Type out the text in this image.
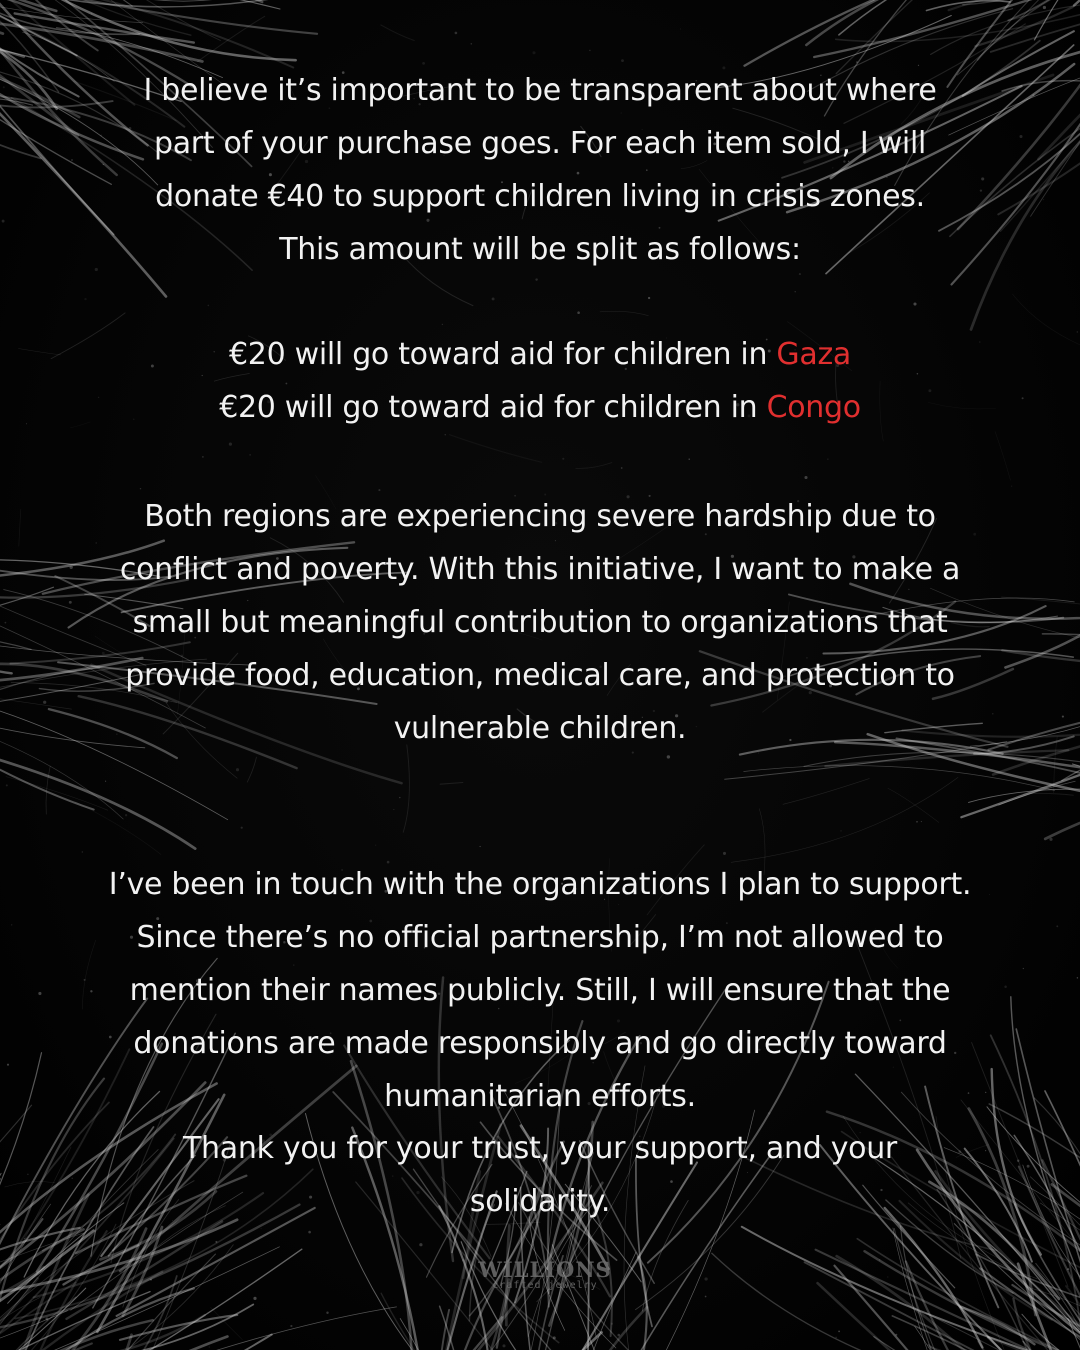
I believe it’s important to be transparent about where
part of your purchase goes. For each item sold, I will
donate €40 to support children living in crisis zones.
This amount will be split as follows:

€20 will go toward aid for children in Gaza
€20 will go toward aid for children in Congo

Both regions are experiencing severe hardship due to
conflict and poverty. With this initiative, I want to make a
small but meaningful contribution to organizations that
provide food, education, medical care, and protection to
vulnerable children.

I’ve been in touch with the organizations I plan to support.
Since there’s no official partnership, I’m not allowed to
mention their names publicly. Still, I will ensure that the
donations are made responsibly and go directly toward
humanitarian efforts.

Thank you for your trust, your support, and your
solidarity.

WILLIONS
crafted jewelry
